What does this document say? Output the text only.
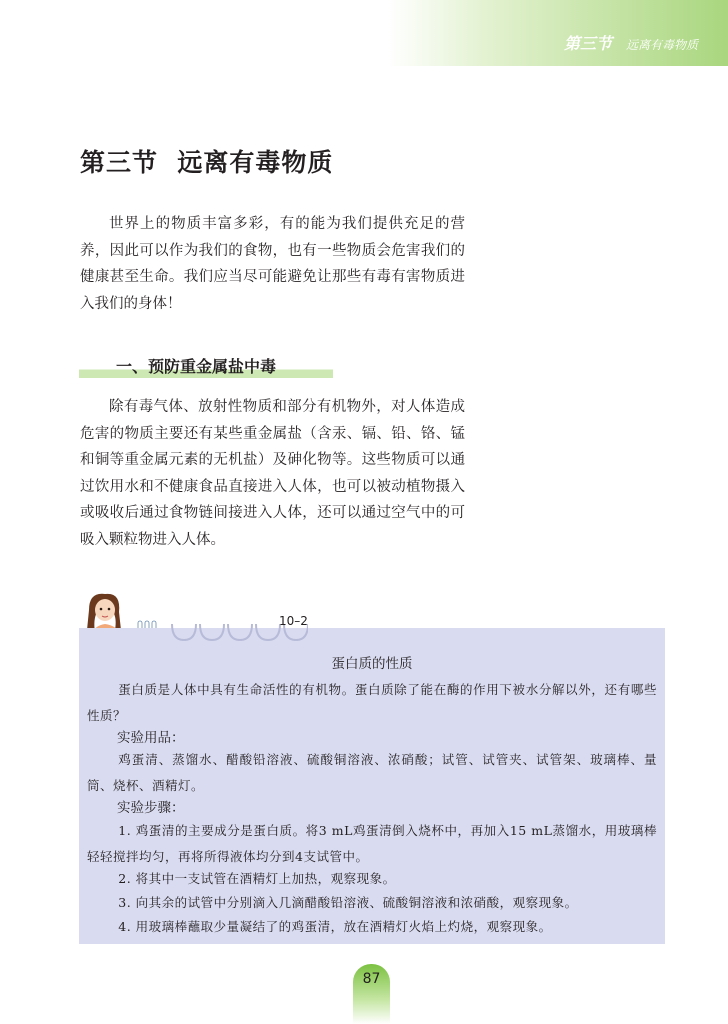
第三节 远离有毒物质
第三节  远离有毒物质

世界上的物质丰富多彩，有的能为我们提供充足的营养，因此可以作为我们的食物，也有一些物质会危害我们的健康甚至生命。我们应当尽可能避免让那些有毒有害物质进入我们的身体！

一、预防重金属盐中毒

除有毒气体、放射性物质和部分有机物外，对人体造成危害的物质主要还有某些重金属盐（含汞、镉、铅、铬、锰和铜等重金属元素的无机盐）及砷化物等。这些物质可以通过饮用水和不健康食品直接进入人体，也可以被动植物摄入或吸收后通过食物链间接进入人体，还可以通过空气中的可吸入颗粒物进入人体。

10–2
蛋白质的性质

蛋白质是人体中具有生命活性的有机物。蛋白质除了能在酶的作用下被水分解以外，还有哪些性质？

实验用品：

鸡蛋清、蒸馏水、醋酸铅溶液、硫酸铜溶液、浓硝酸；试管、试管夹、试管架、玻璃棒、量筒、烧杯、酒精灯。

实验步骤：

1. 鸡蛋清的主要成分是蛋白质。将3 mL鸡蛋清倒入烧杯中，再加入15 mL蒸馏水，用玻璃棒轻轻搅拌均匀，再将所得液体均分到4支试管中。

2. 将其中一支试管在酒精灯上加热，观察现象。

3. 向其余的试管中分别滴入几滴醋酸铅溶液、硫酸铜溶液和浓硝酸，观察现象。

4. 用玻璃棒蘸取少量凝结了的鸡蛋清，放在酒精灯火焰上灼烧，观察现象。

87
